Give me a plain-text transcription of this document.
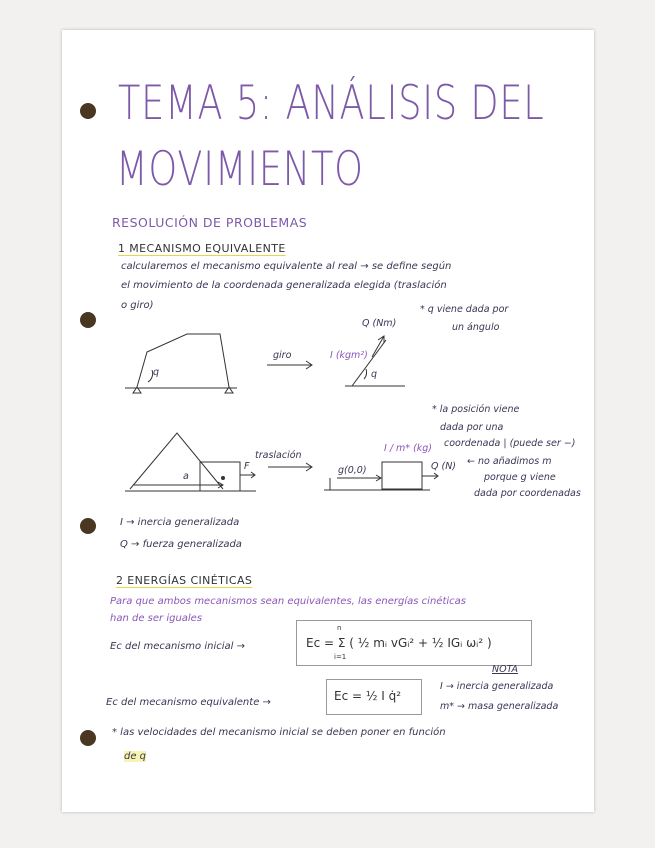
TEMA 5: ANÁLISIS DEL
MOVIMIENTO
RESOLUCIÓN DE PROBLEMAS
1 MECANISMO EQUIVALENTE
calcularemos el mecanismo equivalente al real → se define según
el movimiento de la coordenada generalizada elegida (traslación
o giro)
q
giro	I (kgm²)
Q (Nm)
q
* q viene dada por
un ángulo
a
F
traslación
I / m* (kg)
g(0,0)	Q (N)
* la posición viene
dada por una
coordenada | (puede ser −)
← no añadimos m
porque g viene
dada por coordenadas
I → inercia generalizada
Q → fuerza generalizada
2 ENERGÍAS CINÉTICAS
Para que ambos mecanismos sean equivalentes, las energías cinéticas
han de ser iguales
Ec del mecanismo inicial →	Ec = Σ ( ½ mᵢ vGᵢ² + ½ IGᵢ ωᵢ² )
n
i=1
NOTA
Ec del mecanismo equivalente →	Ec = ½ I q̇²
I → inercia generalizada
m* → masa generalizada
* las velocidades del mecanismo inicial se deben poner en función
de q
